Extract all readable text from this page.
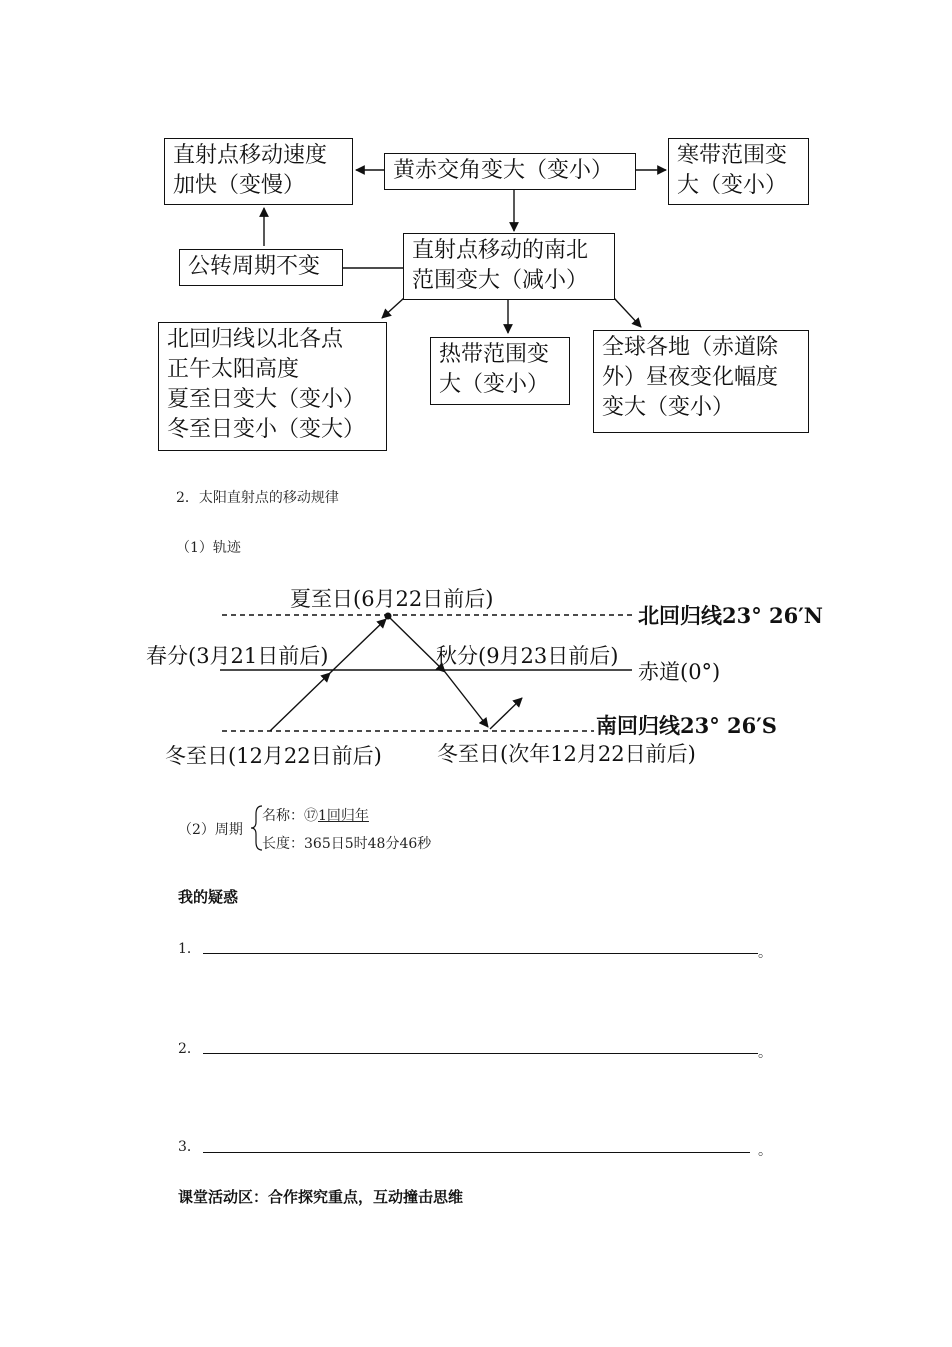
直射点移动速度
加快（变慢）
黄赤交角变大（变小）
寒带范围变
大（变小）
公转周期不变
直射点移动的南北
范围变大（减小）
北回归线以北各点
正午太阳高度
夏至日变大（变小）
冬至日变小（变大）
热带范围变
大（变小）
全球各地（赤道除
外）昼夜变化幅度
变大（变小）
2．太阳直射点的移动规律
（1）轨迹
夏至日(6月22日前后)
北回归线23° 26′N
春分(3月21日前后)	秋分(9月23日前后)
赤道(0°)
南回归线23° 26′S
冬至日(12月22日前后)	冬至日(次年12月22日前后)
（2）周期
名称：⑰1回归年
长度：365日5时48分46秒
我的疑惑
1．	。
2．	。
3．	。
课堂活动区：合作探究重点，互动撞击思维
